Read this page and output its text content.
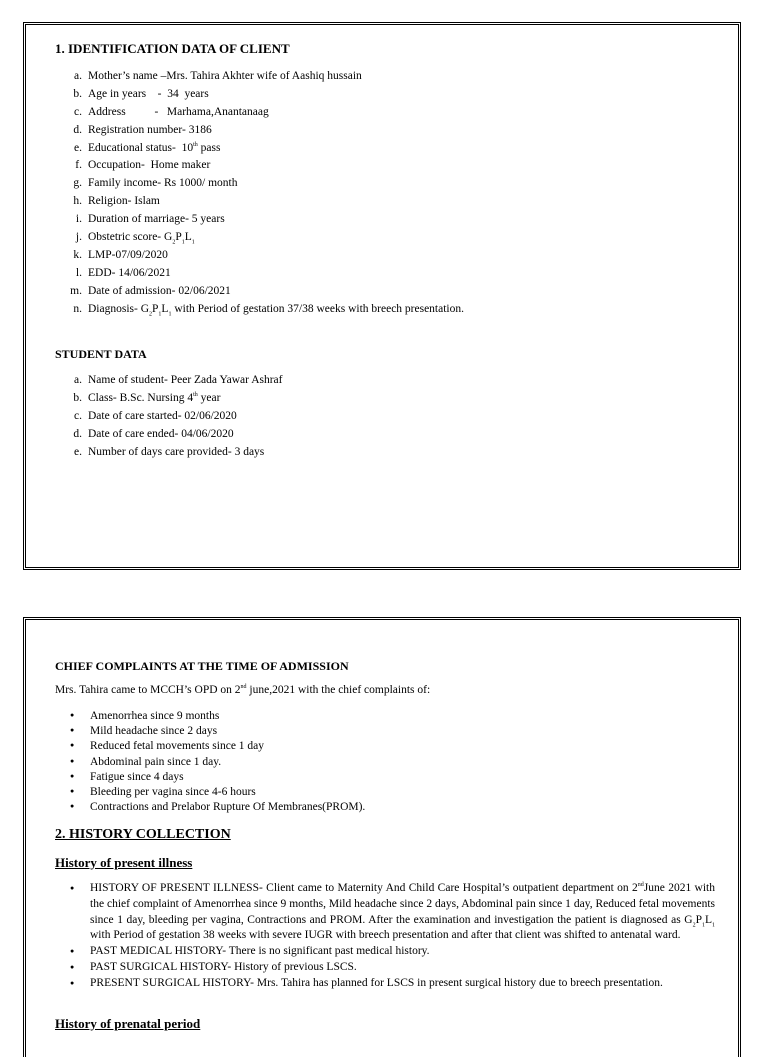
1. IDENTIFICATION DATA OF CLIENT
a. Mother’s name –Mrs. Tahira Akhter wife of Aashiq hussain
b. Age in years    -  34  years
c. Address          -   Marhama,Anantanaag
d. Registration number- 3186
e. Educational status-  10th pass
f. Occupation-  Home maker
g. Family income- Rs 1000/ month
h. Religion- Islam
i. Duration of marriage- 5 years
j. Obstetric score- $G_2P_1L_1$
k. LMP-07/09/2020
l. EDD- 14/06/2021
m. Date of admission- 02/06/2021
n. Diagnosis- $G_2P_1L_1$ with Period of gestation 37/38 weeks with breech presentation.
STUDENT DATA
a. Name of student- Peer Zada Yawar Ashraf
b. Class- B.Sc. Nursing 4th year
c. Date of care started- 02/06/2020
d. Date of care ended- 04/06/2020
e. Number of days care provided- 3 days
CHIEF COMPLAINTS AT THE TIME OF ADMISSION
Mrs. Tahira came to MCCH’s OPD on 2nd june,2021 with the chief complaints of:
●Amenorrhea since 9 months
●Mild headache since 2 days
●Reduced fetal movements since 1 day
●Abdominal pain since 1 day.
●Fatigue since 4 days
●Bleeding per vagina since 4-6 hours
●Contractions and Prelabor Rupture Of Membranes(PROM).
2. HISTORY COLLECTION
History of present illness
● HISTORY OF PRESENT ILLNESS- Client came to Maternity And Child Care Hospital’s outpatient department on 2ndJune 2021 with the chief complaint of Amenorrhea since 9 months, Mild headache since 2 days, Abdominal pain since 1 day, Reduced fetal movements since 1 day, bleeding per vagina, Contractions and PROM. After the examination and investigation the patient is diagnosed as $G_2P_1L_1$ with Period of gestation 38 weeks with severe IUGR with breech presentation and after that client was shifted to antenatal ward.
● PAST MEDICAL HISTORY- There is no significant past medical history.
● PAST SURGICAL HISTORY- History of previous LSCS.
● PRESENT SURGICAL HISTORY- Mrs. Tahira has planned for LSCS in present surgical history due to breech presentation.
History of prenatal period
